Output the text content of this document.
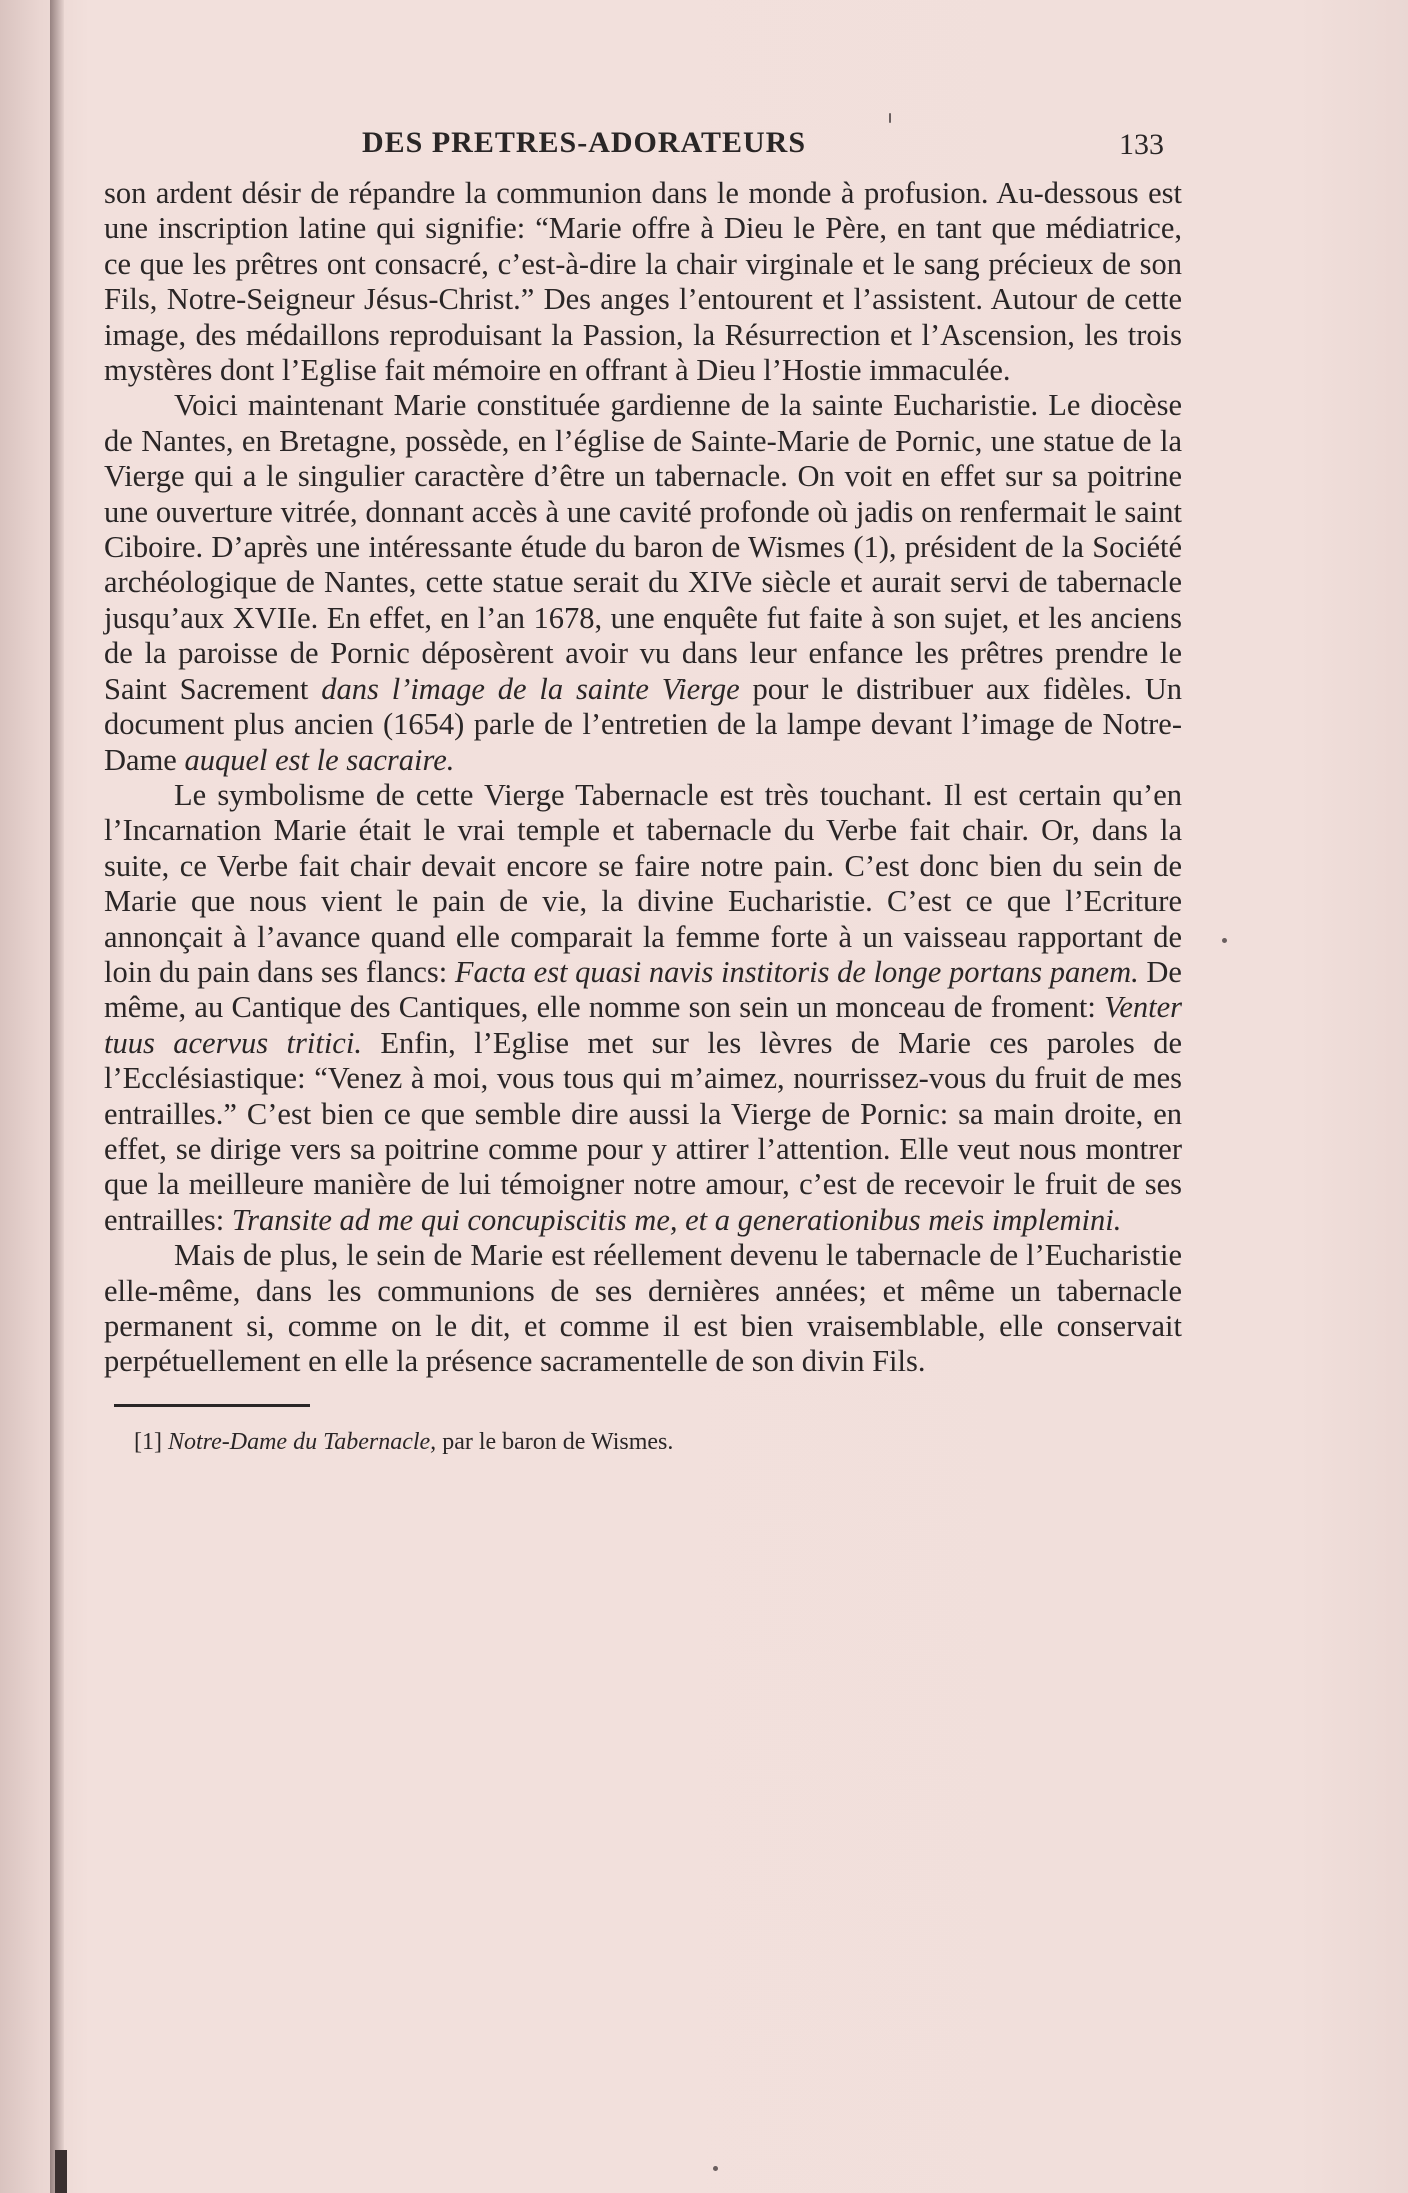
DES PRETRES-ADORATEURS	133

son ardent désir de répandre la communion dans le monde à profusion. Au-dessous est une inscription latine qui signifie: “Marie offre à Dieu le Père, en tant que médiatrice, ce que les prêtres ont consacré, c’est-à-dire la chair virginale et le sang précieux de son Fils, Notre-Seigneur Jésus-Christ.” Des anges l’entourent et l’assistent. Autour de cette image, des médaillons reproduisant la Passion, la Résurrection et l’Ascension, les trois mystères dont l’Eglise fait mémoire en offrant à Dieu l’Hostie immaculée.

Voici maintenant Marie constituée gardienne de la sainte Eucharistie. Le diocèse de Nantes, en Bretagne, possède, en l’église de Sainte-Marie de Pornic, une statue de la Vierge qui a le singulier caractère d’être un tabernacle. On voit en effet sur sa poitrine une ouverture vitrée, donnant accès à une cavité profonde où jadis on renfermait le saint Ciboire. D’après une intéressante étude du baron de Wismes (1), président de la Société archéologique de Nantes, cette statue serait du XIVe siècle et aurait servi de tabernacle jusqu’aux XVIIe. En effet, en l’an 1678, une enquête fut faite à son sujet, et les anciens de la paroisse de Pornic déposèrent avoir vu dans leur enfance les prêtres prendre le Saint Sacrement dans l’image de la sainte Vierge pour le distribuer aux fidèles. Un document plus ancien (1654) parle de l’entretien de la lampe devant l’image de Notre-Dame auquel est le sacraire.

Le symbolisme de cette Vierge Tabernacle est très touchant. Il est certain qu’en l’Incarnation Marie était le vrai temple et tabernacle du Verbe fait chair. Or, dans la suite, ce Verbe fait chair devait encore se faire notre pain. C’est donc bien du sein de Marie que nous vient le pain de vie, la divine Eucharistie. C’est ce que l’Ecriture annonçait à l’avance quand elle comparait la femme forte à un vaisseau rapportant de loin du pain dans ses flancs: Facta est quasi navis institoris de longe portans panem. De même, au Cantique des Cantiques, elle nomme son sein un monceau de froment: Venter tuus acervus tritici. Enfin, l’Eglise met sur les lèvres de Marie ces paroles de l’Ecclésiastique: “Venez à moi, vous tous qui m’aimez, nourrissez-vous du fruit de mes entrailles.” C’est bien ce que semble dire aussi la Vierge de Pornic: sa main droite, en effet, se dirige vers sa poitrine comme pour y attirer l’attention. Elle veut nous montrer que la meilleure manière de lui témoigner notre amour, c’est de recevoir le fruit de ses entrailles: Transite ad me qui concupiscitis me, et a generationibus meis implemini.

Mais de plus, le sein de Marie est réellement devenu le tabernacle de l’Eucharistie elle-même, dans les communions de ses dernières années; et même un tabernacle permanent si, comme on le dit, et comme il est bien vraisemblable, elle conservait perpétuellement en elle la présence sacramentelle de son divin Fils.

[1] Notre-Dame du Tabernacle, par le baron de Wismes.
